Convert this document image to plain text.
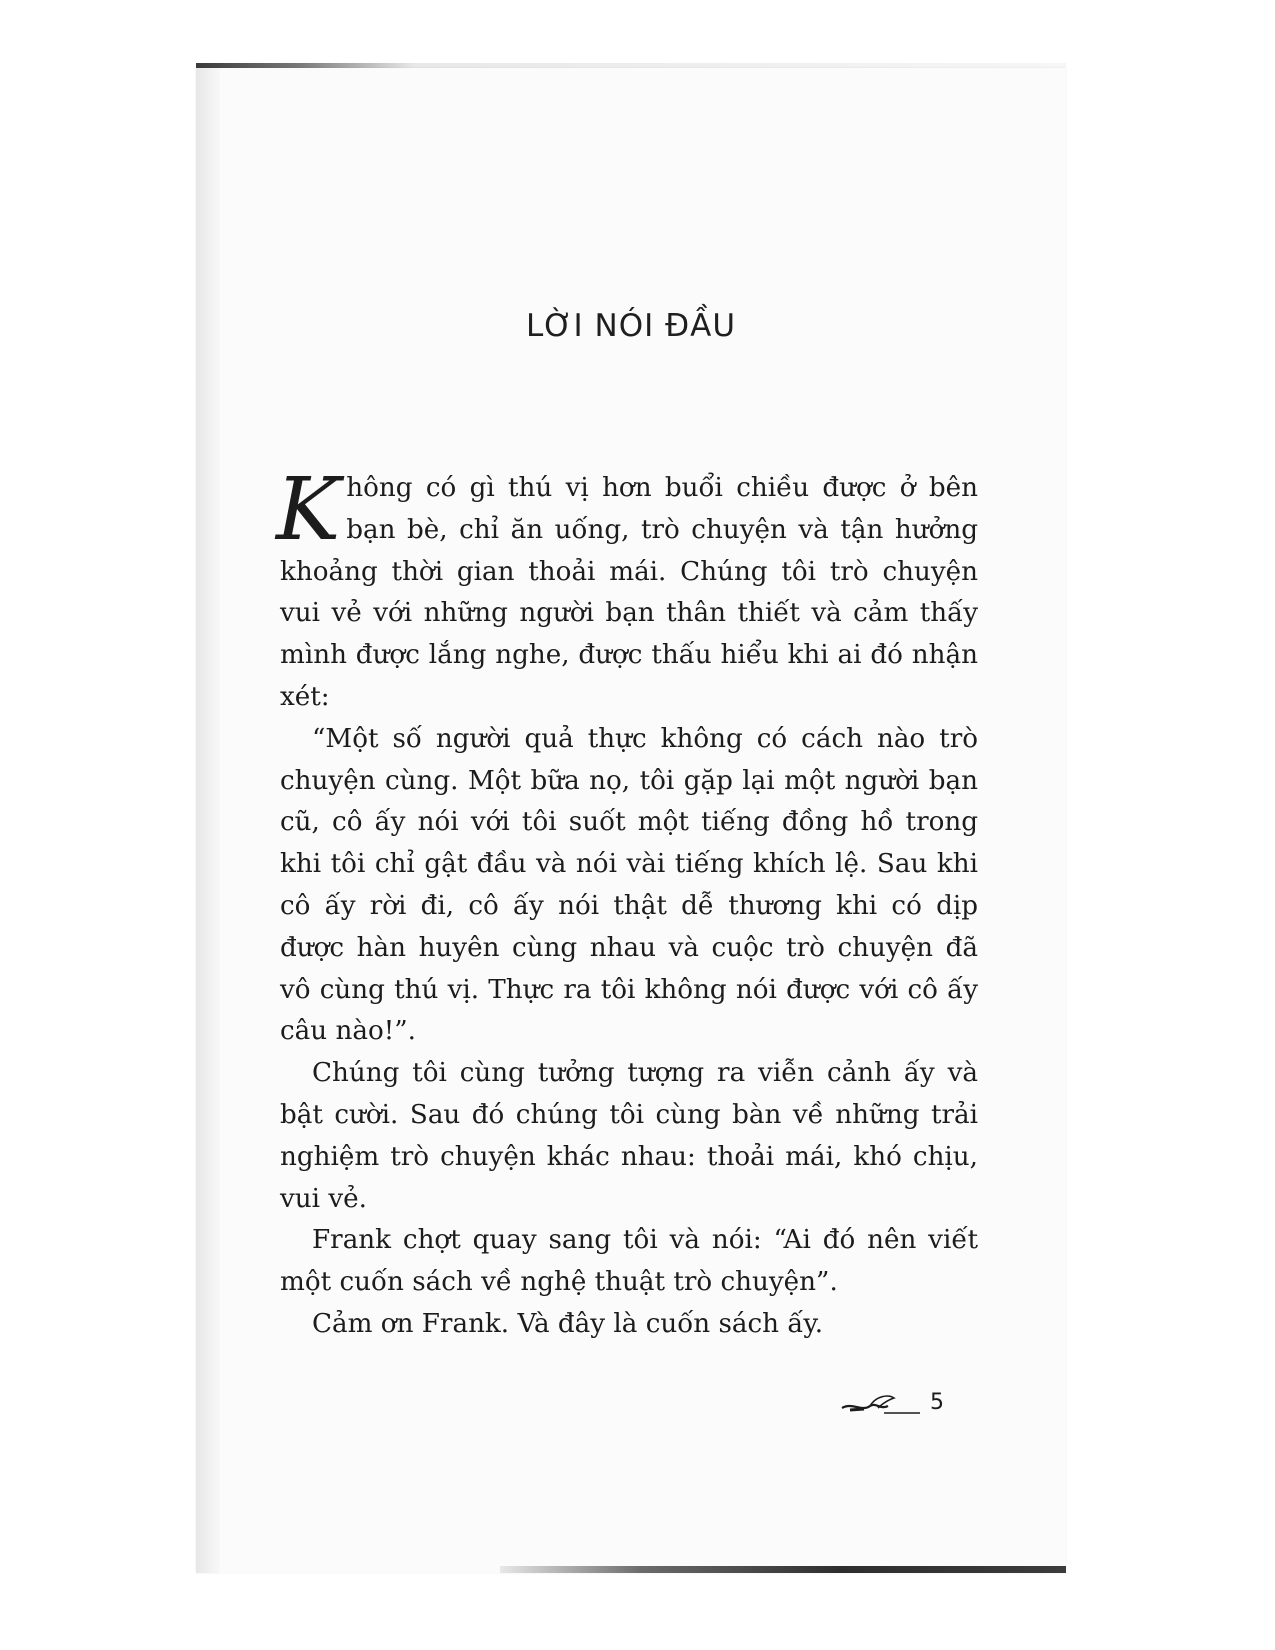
LỜI NÓI ĐẦU

Không có gì thú vị hơn buổi chiều được ở bên bạn bè, chỉ ăn uống, trò chuyện và tận hưởng khoảng thời gian thoải mái. Chúng tôi trò chuyện vui vẻ với những người bạn thân thiết và cảm thấy mình được lắng nghe, được thấu hiểu khi ai đó nhận xét:

“Một số người quả thực không có cách nào trò chuyện cùng. Một bữa nọ, tôi gặp lại một người bạn cũ, cô ấy nói với tôi suốt một tiếng đồng hồ trong khi tôi chỉ gật đầu và nói vài tiếng khích lệ. Sau khi cô ấy rời đi, cô ấy nói thật dễ thương khi có dịp được hàn huyên cùng nhau và cuộc trò chuyện đã vô cùng thú vị. Thực ra tôi không nói được với cô ấy câu nào!”.

Chúng tôi cùng tưởng tượng ra viễn cảnh ấy và bật cười. Sau đó chúng tôi cùng bàn về những trải nghiệm trò chuyện khác nhau: thoải mái, khó chịu, vui vẻ.

Frank chợt quay sang tôi và nói: “Ai đó nên viết một cuốn sách về nghệ thuật trò chuyện”.

Cảm ơn Frank. Và đây là cuốn sách ấy.

5
